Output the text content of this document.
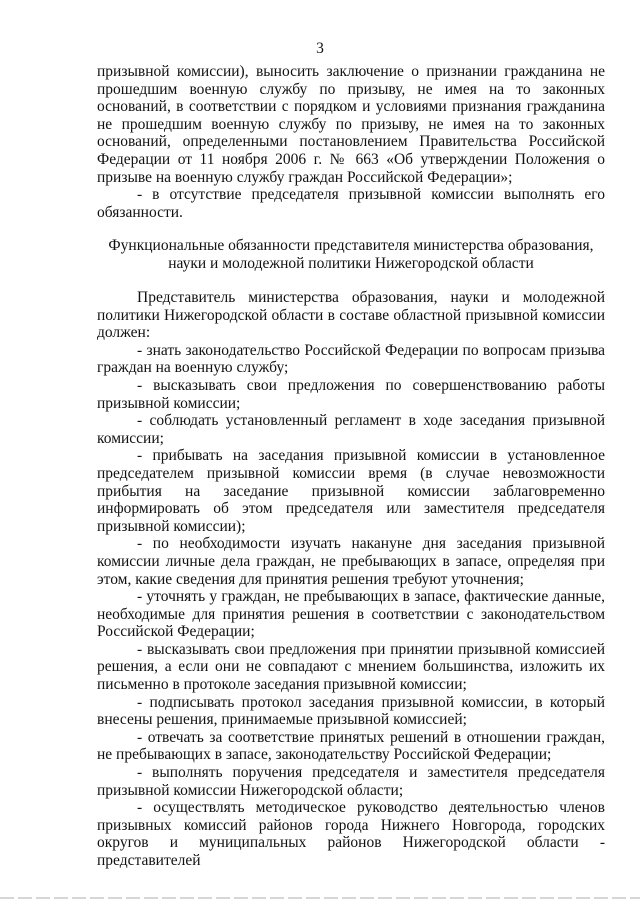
3

призывной комиссии), выносить заключение о признании гражданина не прошедшим военную службу по призыву, не имея на то законных оснований, в соответствии с порядком и условиями признания гражданина не прошедшим военную службу по призыву, не имея на то законных оснований, определенными постановлением Правительства Российской Федерации от 11 ноября 2006 г. № 663 «Об утверждении Положения о призыве на военную службу граждан Российской Федерации»;

- в отсутствие председателя призывной комиссии выполнять его обязанности.

Функциональные обязанности представителя министерства образования,
науки и молодежной политики Нижегородской области

Представитель министерства образования, науки и молодежной политики Нижегородской области в составе областной призывной комиссии должен:

- знать законодательство Российской Федерации по вопросам призыва граждан на военную службу;

- высказывать свои предложения по совершенствованию работы призывной комиссии;

- соблюдать установленный регламент в ходе заседания призывной комиссии;

- прибывать на заседания призывной комиссии в установленное председателем призывной комиссии время (в случае невозможности прибытия на заседание призывной комиссии заблаговременно информировать об этом председателя или заместителя председателя призывной комиссии);

- по необходимости изучать накануне дня заседания призывной комиссии личные дела граждан, не пребывающих в запасе, определяя при этом, какие сведения для принятия решения требуют уточнения;

- уточнять у граждан, не пребывающих в запасе, фактические данные, необходимые для принятия решения в соответствии с законодательством Российской Федерации;

- высказывать свои предложения при принятии призывной комиссией решения, а если они не совпадают с мнением большинства, изложить их письменно в протоколе заседания призывной комиссии;

- подписывать протокол заседания призывной комиссии, в который внесены решения, принимаемые призывной комиссией;

- отвечать за соответствие принятых решений в отношении граждан, не пребывающих в запасе, законодательству Российской Федерации;

- выполнять поручения председателя и заместителя председателя призывной комиссии Нижегородской области;

- осуществлять методическое руководство деятельностью членов призывных комиссий районов города Нижнего Новгорода, городских округов и муниципальных районов Нижегородской области - представителей
